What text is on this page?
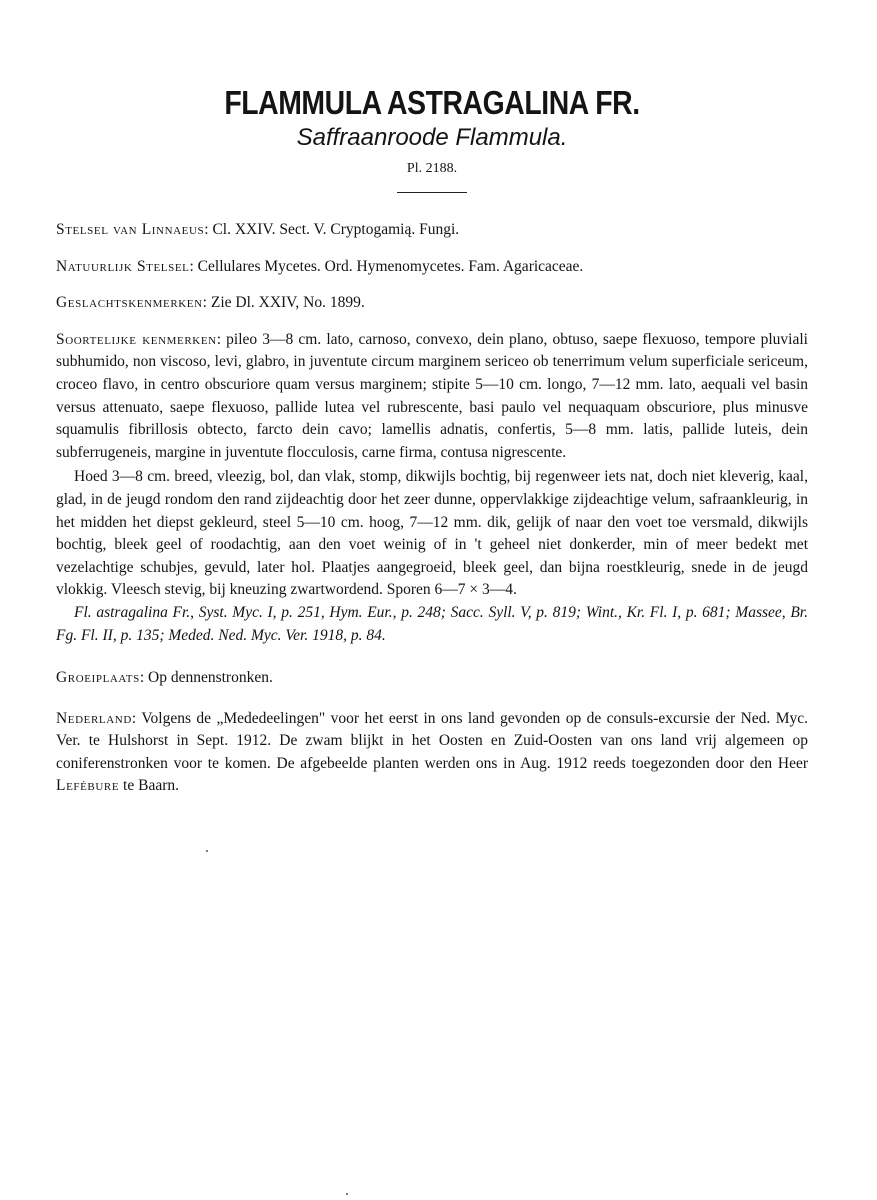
FLAMMULA ASTRAGALINA FR.
Saffraanroode Flammula.
Pl. 2188.

Stelsel van Linnaeus: Cl. XXIV. Sect. V. Cryptogamią. Fungi.

Natuurlijk Stelsel: Cellulares Mycetes. Ord. Hymenomycetes. Fam. Agaricaceae.

Geslachtskenmerken: Zie Dl. XXIV, No. 1899.

Soortelijke kenmerken: pileo 3—8 cm. lato, carnoso, convexo, dein plano, obtuso, saepe flexuoso, tempore pluviali subhumido, non viscoso, levi, glabro, in juventute circum marginem sericeo ob tenerrimum velum superficiale sericeum, croceo flavo, in centro obscuriore quam versus marginem; stipite 5—10 cm. longo, 7—12 mm. lato, aequali vel basin versus attenuato, saepe flexuoso, pallide lutea vel rubrescente, basi paulo vel nequaquam obscuriore, plus minusve squamulis fibrillosis obtecto, farcto dein cavo; lamellis adnatis, confertis, 5—8 mm. latis, pallide luteis, dein subferrugeneis, margine in juventute flocculosis, carne firma, contusa nigrescente.

Hoed 3—8 cm. breed, vleezig, bol, dan vlak, stomp, dikwijls bochtig, bij regenweer iets nat, doch niet kleverig, kaal, glad, in de jeugd rondom den rand zijdeachtig door het zeer dunne, oppervlakkige zijdeachtige velum, safraankleurig, in het midden het diepst gekleurd, steel 5—10 cm. hoog, 7—12 mm. dik, gelijk of naar den voet toe versmald, dikwijls bochtig, bleek geel of roodachtig, aan den voet weinig of in 't geheel niet donkerder, min of meer bedekt met vezelachtige schubjes, gevuld, later hol. Plaatjes aangegroeid, bleek geel, dan bijna roestkleurig, snede in de jeugd vlokkig. Vleesch stevig, bij kneuzing zwartwordend. Sporen 6—7 × 3—4.

Fl. astragalina Fr., Syst. Myc. I, p. 251, Hym. Eur., p. 248; Sacc. Syll. V, p. 819; Wint., Kr. Fl. I, p. 681; Massee, Br. Fg. Fl. II, p. 135; Meded. Ned. Myc. Ver. 1918, p. 84.

Groeiplaats: Op dennenstronken.

Nederland: Volgens de „Mededeelingen" voor het eerst in ons land gevonden op de consuls-excursie der Ned. Myc. Ver. te Hulshorst in Sept. 1912. De zwam blijkt in het Oosten en Zuid-Oosten van ons land vrij algemeen op coniferenstronken voor te komen. De afgebeelde planten werden ons in Aug. 1912 reeds toegezonden door den Heer Lefébure te Baarn.
